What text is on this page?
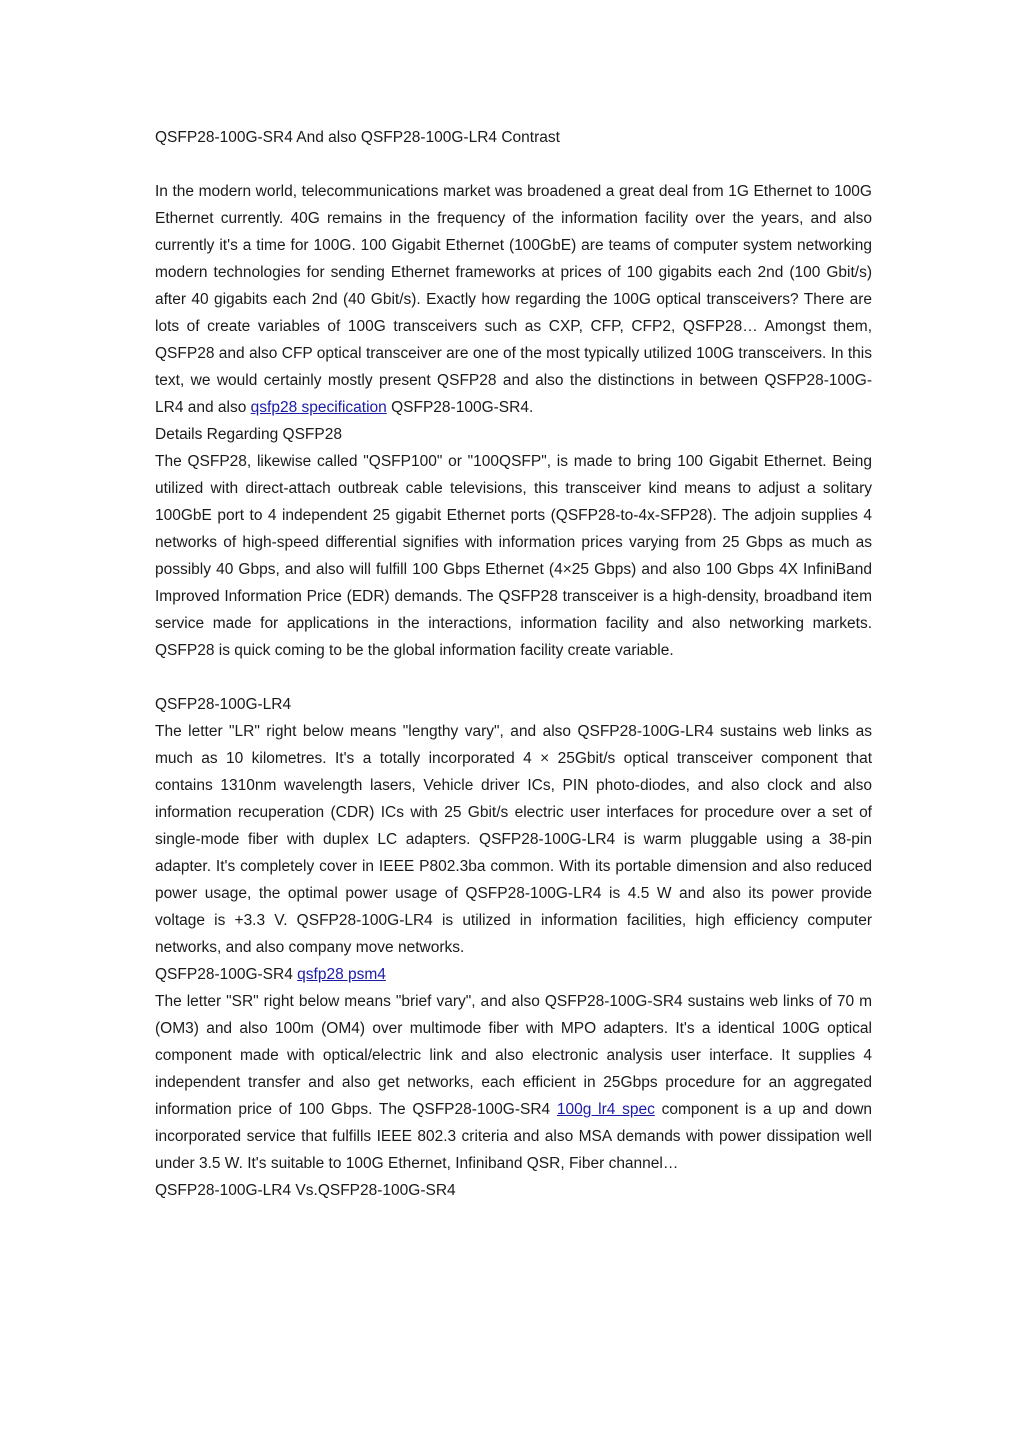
QSFP28-100G-SR4 And also QSFP28-100G-LR4 Contrast

In the modern world, telecommunications market was broadened a great deal from 1G Ethernet to 100G Ethernet currently. 40G remains in the frequency of the information facility over the years, and also currently it's a time for 100G. 100 Gigabit Ethernet (100GbE) are teams of computer system networking modern technologies for sending Ethernet frameworks at prices of 100 gigabits each 2nd (100 Gbit/s) after 40 gigabits each 2nd (40 Gbit/s). Exactly how regarding the 100G optical transceivers? There are lots of create variables of 100G transceivers such as CXP, CFP, CFP2, QSFP28… Amongst them, QSFP28 and also CFP optical transceiver are one of the most typically utilized 100G transceivers. In this text, we would certainly mostly present QSFP28 and also the distinctions in between QSFP28-100G-LR4 and also qsfp28 specification QSFP28-100G-SR4.

Details Regarding QSFP28

The QSFP28, likewise called "QSFP100" or "100QSFP", is made to bring 100 Gigabit Ethernet. Being utilized with direct-attach outbreak cable televisions, this transceiver kind means to adjust a solitary 100GbE port to 4 independent 25 gigabit Ethernet ports (QSFP28-to-4x-SFP28). The adjoin supplies 4 networks of high-speed differential signifies with information prices varying from 25 Gbps as much as possibly 40 Gbps, and also will fulfill 100 Gbps Ethernet (4×25 Gbps) and also 100 Gbps 4X InfiniBand Improved Information Price (EDR) demands. The QSFP28 transceiver is a high-density, broadband item service made for applications in the interactions, information facility and also networking markets. QSFP28 is quick coming to be the global information facility create variable.

QSFP28-100G-LR4

The letter "LR" right below means "lengthy vary", and also QSFP28-100G-LR4 sustains web links as much as 10 kilometres. It's a totally incorporated 4 × 25Gbit/s optical transceiver component that contains 1310nm wavelength lasers, Vehicle driver ICs, PIN photo-diodes, and also clock and also information recuperation (CDR) ICs with 25 Gbit/s electric user interfaces for procedure over a set of single-mode fiber with duplex LC adapters. QSFP28-100G-LR4 is warm pluggable using a 38-pin adapter. It's completely cover in IEEE P802.3ba common. With its portable dimension and also reduced power usage, the optimal power usage of QSFP28-100G-LR4 is 4.5 W and also its power provide voltage is +3.3 V. QSFP28-100G-LR4 is utilized in information facilities, high efficiency computer networks, and also company move networks.

QSFP28-100G-SR4 qsfp28 psm4

The letter "SR" right below means "brief vary", and also QSFP28-100G-SR4 sustains web links of 70 m (OM3) and also 100m (OM4) over multimode fiber with MPO adapters. It's a identical 100G optical component made with optical/electric link and also electronic analysis user interface. It supplies 4 independent transfer and also get networks, each efficient in 25Gbps procedure for an aggregated information price of 100 Gbps. The QSFP28-100G-SR4 100g lr4 spec component is a up and down incorporated service that fulfills IEEE 802.3 criteria and also MSA demands with power dissipation well under 3.5 W. It's suitable to 100G Ethernet, Infiniband QSR, Fiber channel…

QSFP28-100G-LR4 Vs.QSFP28-100G-SR4
